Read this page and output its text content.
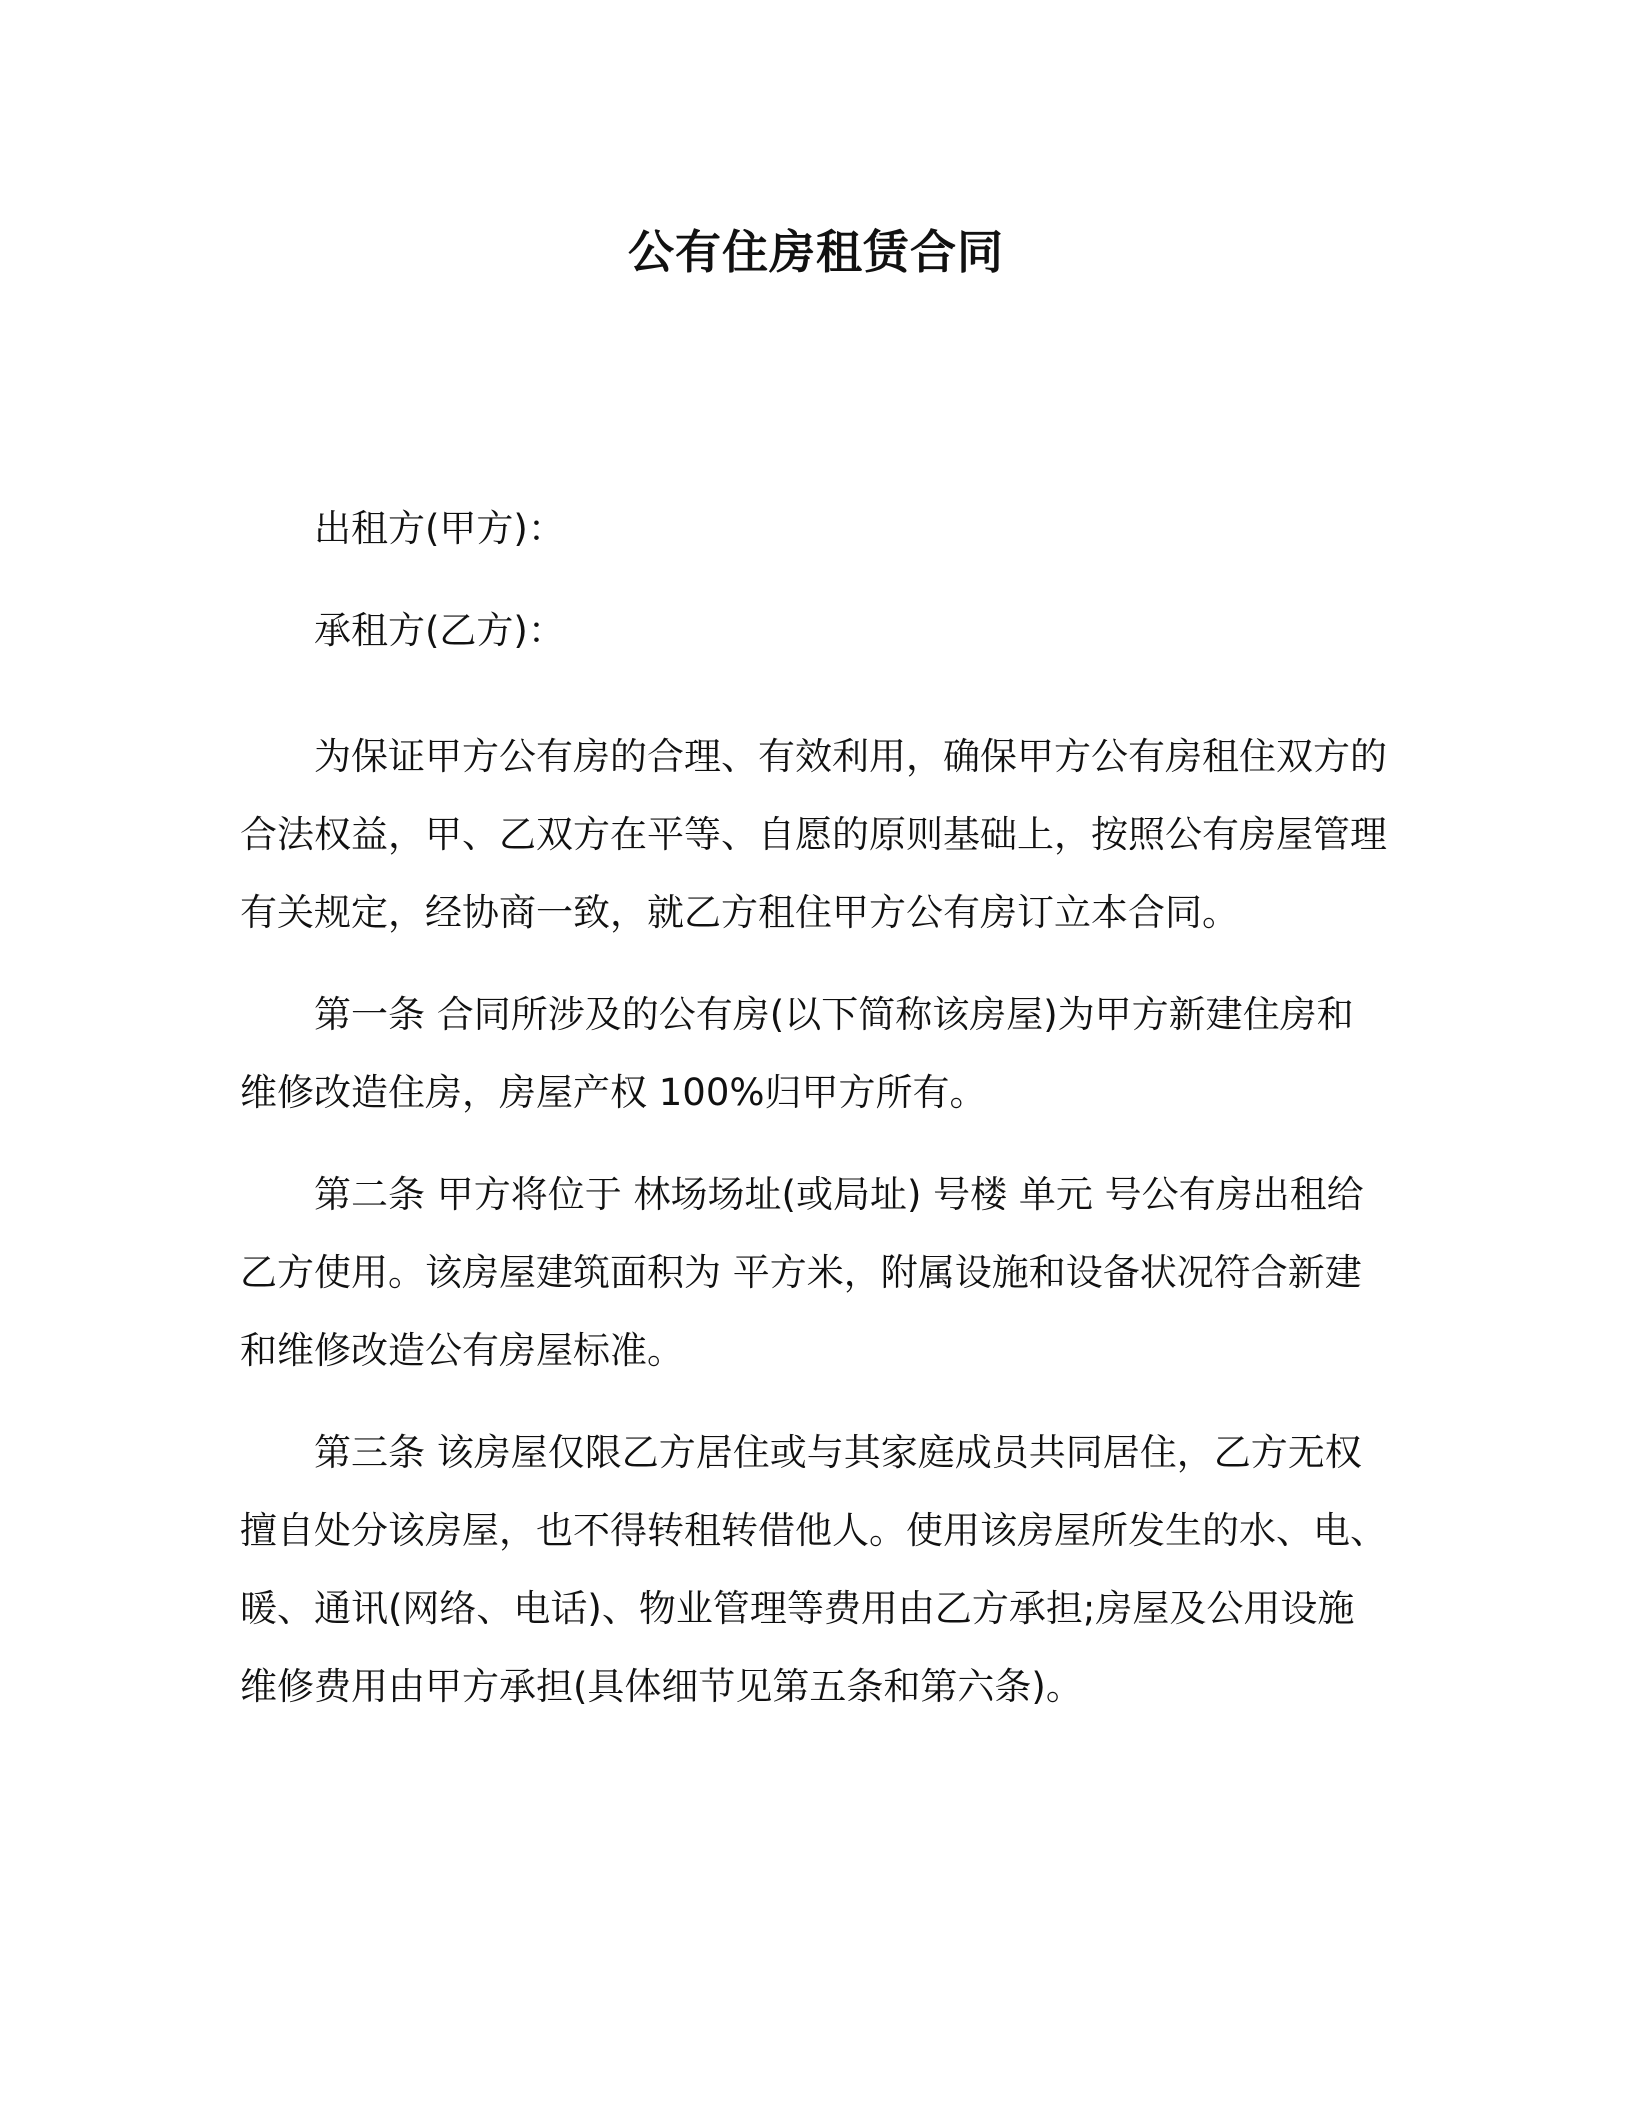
公有住房租赁合同

出租方(甲方)：

承租方(乙方)：

为保证甲方公有房的合理、有效利用，确保甲方公有房租住双方的合法权益，甲、乙双方在平等、自愿的原则基础上，按照公有房屋管理有关规定，经协商一致，就乙方租住甲方公有房订立本合同。

第一条 合同所涉及的公有房(以下简称该房屋)为甲方新建住房和维修改造住房，房屋产权 100%归甲方所有。

第二条 甲方将位于 林场场址(或局址) 号楼 单元 号公有房出租给乙方使用。该房屋建筑面积为 平方米，附属设施和设备状况符合新建和维修改造公有房屋标准。

第三条 该房屋仅限乙方居住或与其家庭成员共同居住，乙方无权擅自处分该房屋，也不得转租转借他人。使用该房屋所发生的水、电、暖、通讯(网络、电话)、物业管理等费用由乙方承担;房屋及公用设施维修费用由甲方承担(具体细节见第五条和第六条)。
